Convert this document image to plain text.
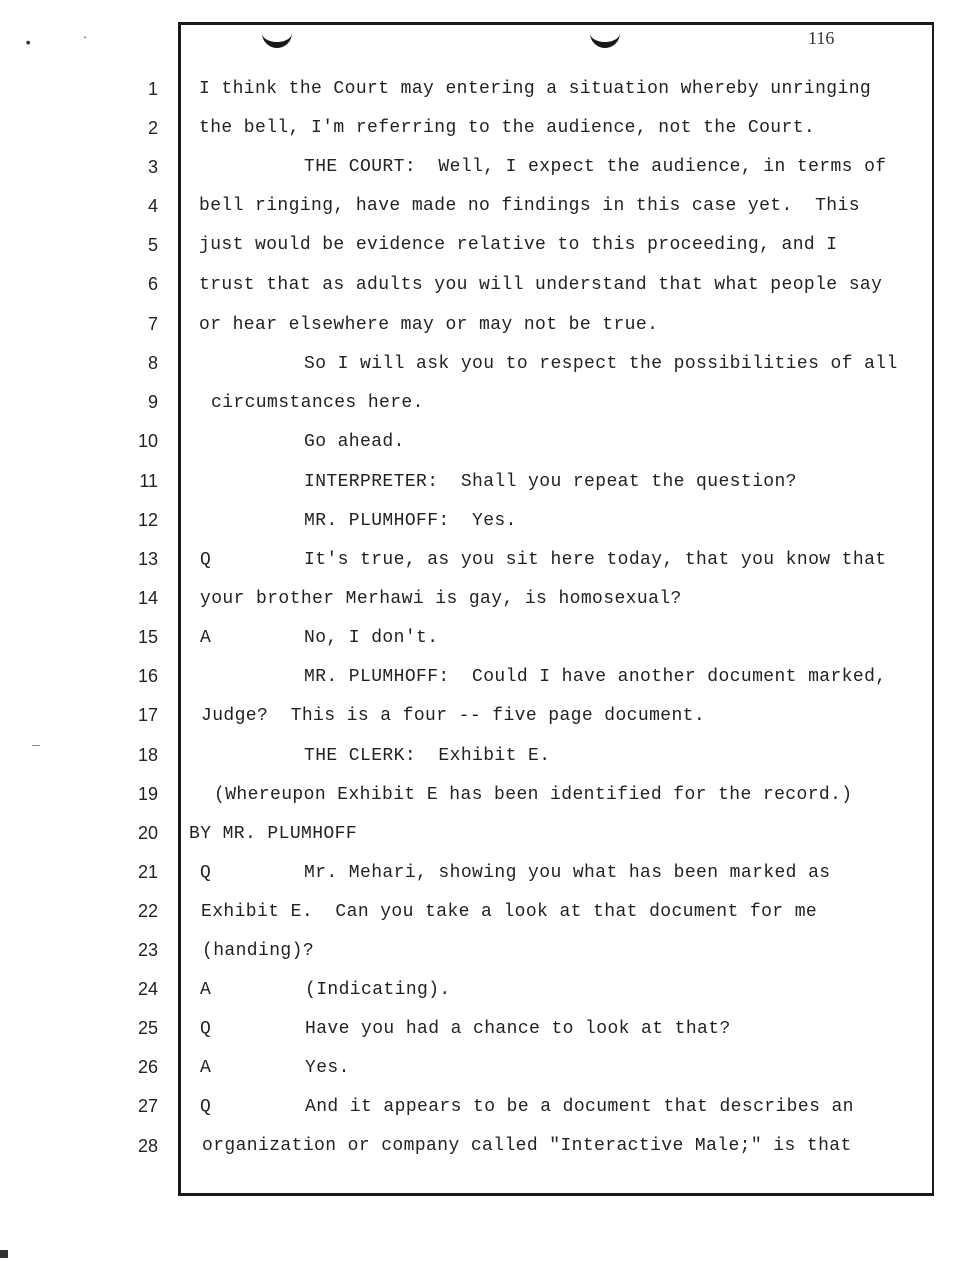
• ˙	116
1
2
3
4
5
6
7
8
9
10
11
12
13
14
15
16
17
18
19
20
21
22
23
24
25
26
27
28
Q
A
Q
A
Q
A
Q
I think the Court may entering a situation whereby unringing
the bell, I'm referring to the audience, not the Court.
THE COURT:  Well, I expect the audience, in terms of
bell ringing, have made no findings in this case yet.  This
just would be evidence relative to this proceeding, and I
trust that as adults you will understand that what people say
or hear elsewhere may or may not be true.
So I will ask you to respect the possibilities of all
circumstances here.
Go ahead.
INTERPRETER:  Shall you repeat the question?
MR. PLUMHOFF:  Yes.
It's true, as you sit here today, that you know that
your brother Merhawi is gay, is homosexual?
No, I don't.
MR. PLUMHOFF:  Could I have another document marked,
Judge?  This is a four -- five page document.
THE CLERK:  Exhibit E.
(Whereupon Exhibit E has been identified for the record.)
BY MR. PLUMHOFF
Mr. Mehari, showing you what has been marked as
Exhibit E.  Can you take a look at that document for me
(handing)?
(Indicating).
Have you had a chance to look at that?
Yes.
And it appears to be a document that describes an
organization or company called "Interactive Male;" is that
